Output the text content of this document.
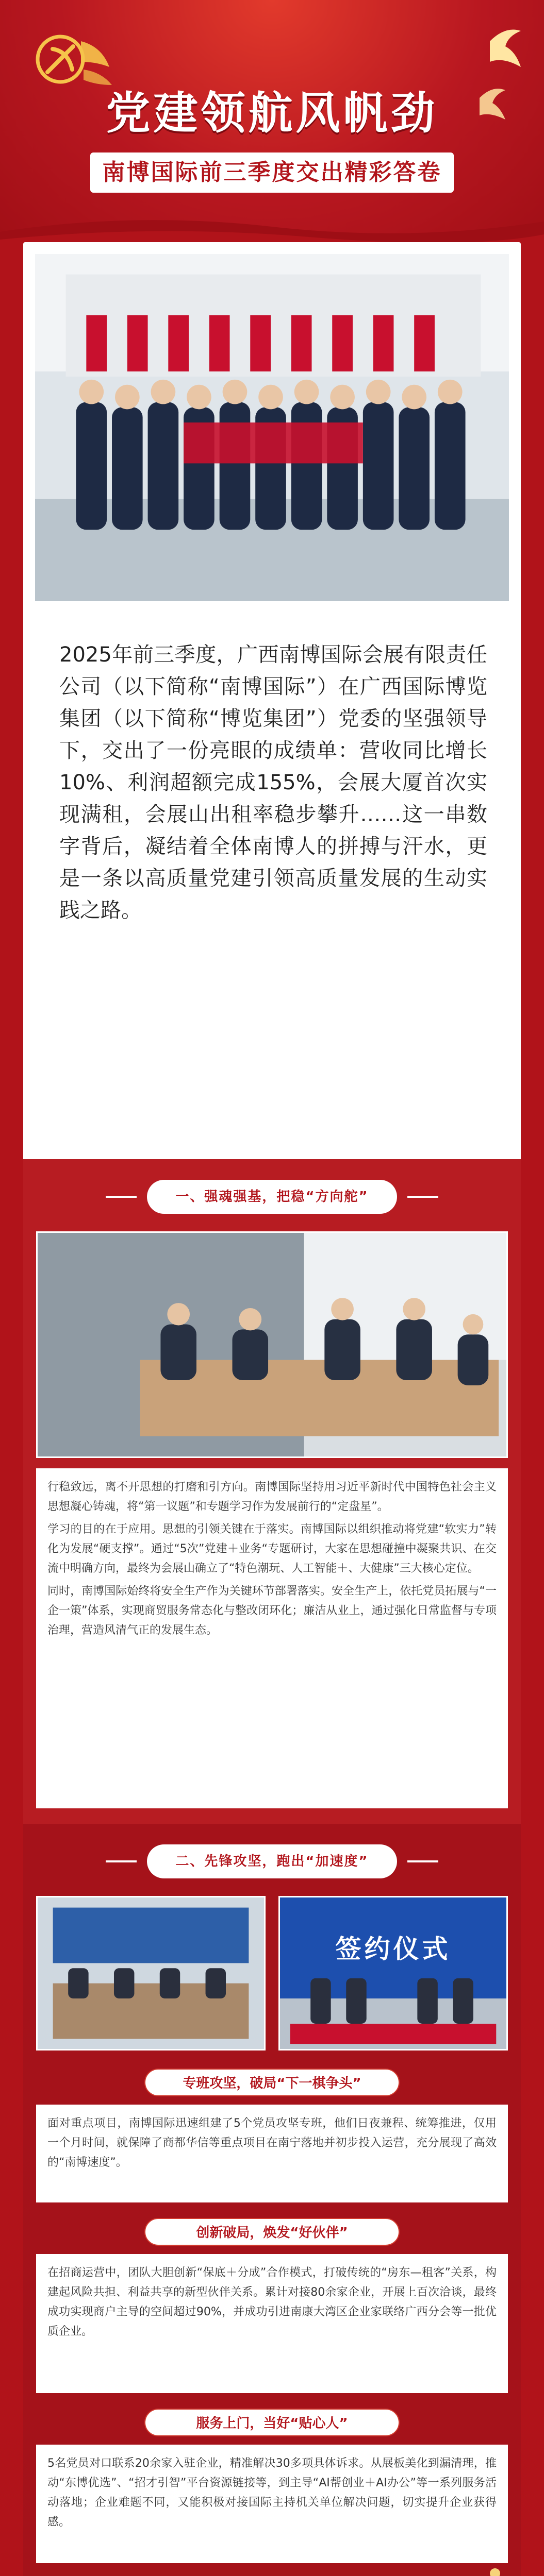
党建领航风帆劲
南博国际前三季度交出精彩答卷
2025年前三季度，广西南博国际会展有限责任公司（以下简称“南博国际”）在广西国际博览集团（以下简称“博览集团”）党委的坚强领导下，交出了一份亮眼的成绩单：营收同比增长10%、利润超额完成155%，会展大厦首次实现满租，会展山出租率稳步攀升……这一串数字背后，凝结着全体南博人的拼搏与汗水，更是一条以高质量党建引领高质量发展的生动实践之路。
一、强魂强基，把稳“方向舵”

行稳致远，离不开思想的打磨和引方向。南博国际坚持用习近平新时代中国特色社会主义思想凝心铸魂，将“第一议题”和专题学习作为发展前行的“定盘星”。

学习的目的在于应用。思想的引领关键在于落实。南博国际以组织推动将党建“软实力”转化为发展“硬支撑”。通过“5次”党建＋业务“专题研讨，大家在思想碰撞中凝聚共识、在交流中明确方向，最终为会展山确立了“特色潮玩、人工智能＋、大健康”三大核心定位。

同时，南博国际始终将安全生产作为关键环节部署落实。安全生产上，依托党员拓展与“一企一策”体系，实现商贸服务常态化与整改闭环化；廉洁从业上，通过强化日常监督与专项治理，营造风清气正的发展生态。

二、先锋攻坚，跑出“加速度”
签约仪式
专班攻坚，破局“下一棋争头”
面对重点项目，南博国际迅速组建了5个党员攻坚专班，他们日夜兼程、统筹推进，仅用一个月时间，就保障了商都华信等重点项目在南宁落地并初步投入运营，充分展现了高效的“南博速度”。
创新破局，焕发“好伙伴”
在招商运营中，团队大胆创新“保底＋分成”合作模式，打破传统的“房东—租客”关系，构建起风险共担、利益共享的新型伙伴关系。累计对接80余家企业，开展上百次洽谈，最终成功实现商户主导的空间超过90%，并成功引进南康大湾区企业家联络广西分会等一批优质企业。
服务上门，当好“贴心人”
5名党员对口联系20余家入驻企业，精准解决30多项具体诉求。从展板美化到漏清理，推动“东博优选”、“招才引智”平台资源链接等，到主导“AI帮创业＋AI办公”等一系列服务活动落地；企业难题不同，又能积极对接国际主持机关单位解决问题，切实提升企业获得感。
